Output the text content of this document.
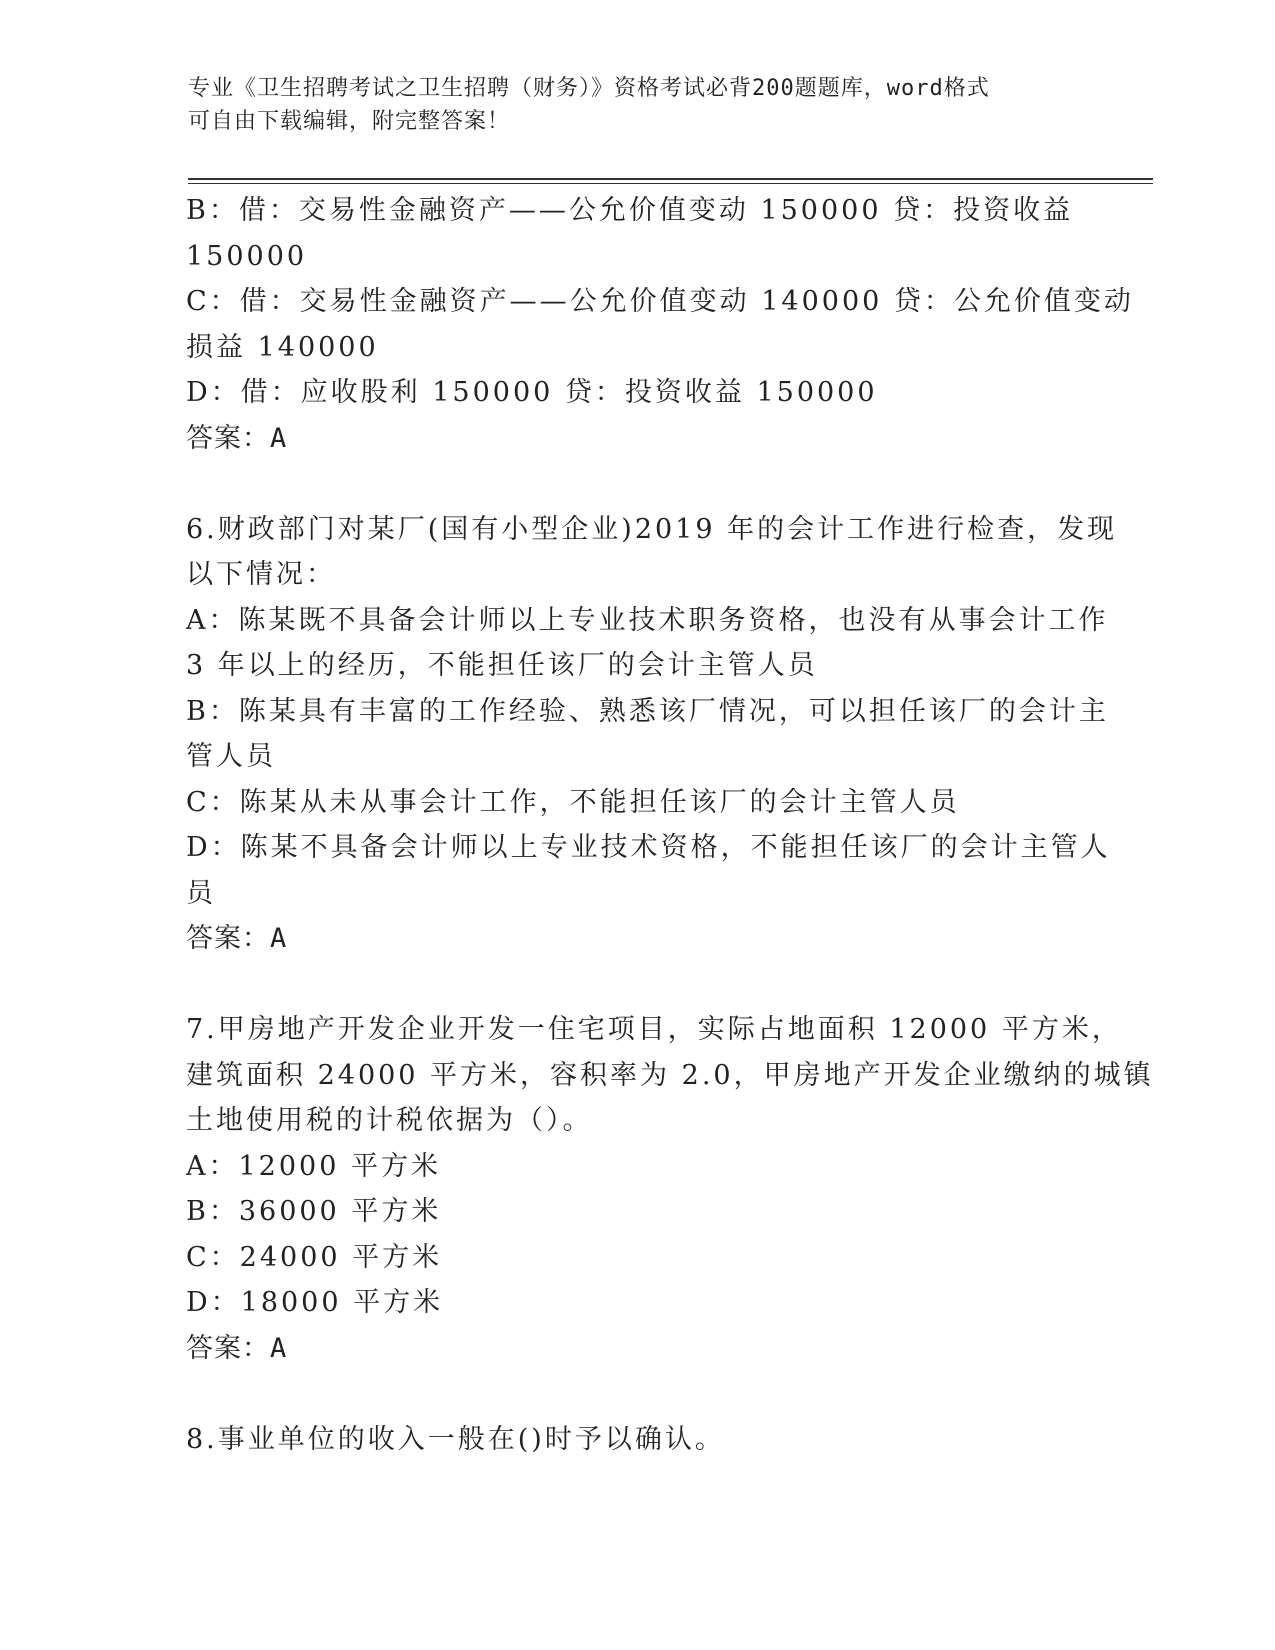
专业《卫生招聘考试之卫生招聘（财务）》资格考试必背200题题库，word格式
可自由下载编辑，附完整答案！
B：借：交易性金融资产——公允价值变动 150000 贷：投资收益
150000
C：借：交易性金融资产——公允价值变动 140000 贷：公允价值变动
损益 140000
D：借：应收股利 150000 贷：投资收益 150000
答案：A
6.财政部门对某厂(国有小型企业)2019 年的会计工作进行检查，发现
以下情况：
A：陈某既不具备会计师以上专业技术职务资格，也没有从事会计工作
3 年以上的经历，不能担任该厂的会计主管人员
B：陈某具有丰富的工作经验、熟悉该厂情况，可以担任该厂的会计主
管人员
C：陈某从未从事会计工作，不能担任该厂的会计主管人员
D：陈某不具备会计师以上专业技术资格，不能担任该厂的会计主管人
员
答案：A
7.甲房地产开发企业开发一住宅项目，实际占地面积 12000 平方米，
建筑面积 24000 平方米，容积率为 2.0，甲房地产开发企业缴纳的城镇
土地使用税的计税依据为（）。
A：12000 平方米
B：36000 平方米
C：24000 平方米
D：18000 平方米
答案：A
8.事业单位的收入一般在()时予以确认。
